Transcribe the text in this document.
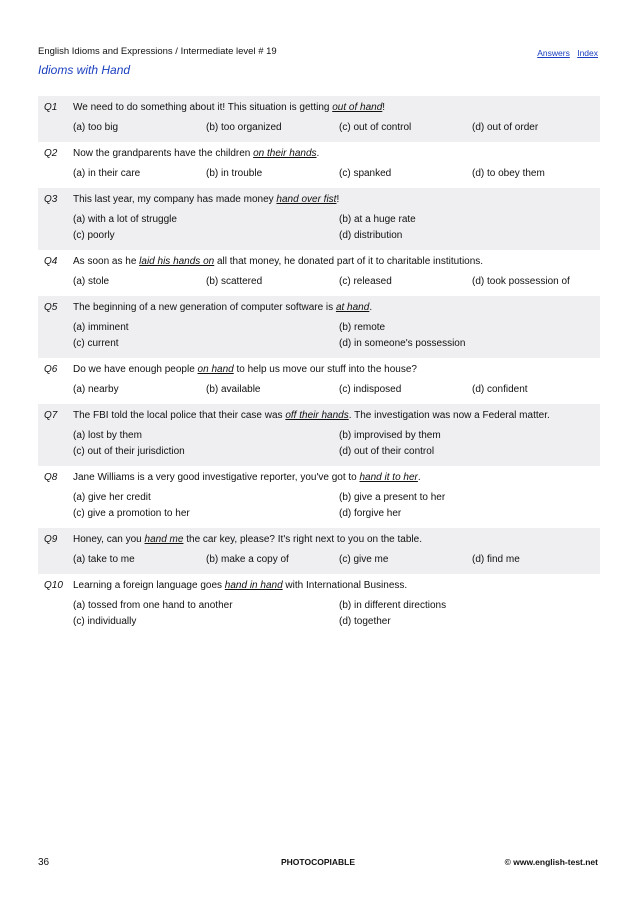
English Idioms and Expressions / Intermediate level # 19
Idioms with Hand
Answers Index
Q1	We need to do something about it! This situation is getting out of hand!
(a) too big	(b) too organized	(c) out of control	(d) out of order
Q2	Now the grandparents have the children on their hands.
(a) in their care	(b) in trouble	(c) spanked	(d) to obey them
Q3	This last year, my company has made money hand over fist!
(a) with a lot of struggle	(b) at a huge rate
(c) poorly	(d) distribution
Q4	As soon as he laid his hands on all that money, he donated part of it to charitable institutions.
(a) stole	(b) scattered	(c) released	(d) took possession of
Q5	The beginning of a new generation of computer software is at hand.
(a) imminent	(b) remote
(c) current	(d) in someone's possession
Q6	Do we have enough people on hand to help us move our stuff into the house?
(a) nearby	(b) available	(c) indisposed	(d) confident
Q7	The FBI told the local police that their case was off their hands. The investigation was now a Federal matter.
(a) lost by them	(b) improvised by them
(c) out of their jurisdiction	(d) out of their control
Q8	Jane Williams is a very good investigative reporter, you've got to hand it to her.
(a) give her credit	(b) give a present to her
(c) give a promotion to her	(d) forgive her
Q9	Honey, can you hand me the car key, please? It's right next to you on the table.
(a) take to me	(b) make a copy of	(c) give me	(d) find me
Q10	Learning a foreign language goes hand in hand with International Business.
(a) tossed from one hand to another	(b) in different directions
(c) individually	(d) together
36	PHOTOCOPIABLE	© www.english-test.net
